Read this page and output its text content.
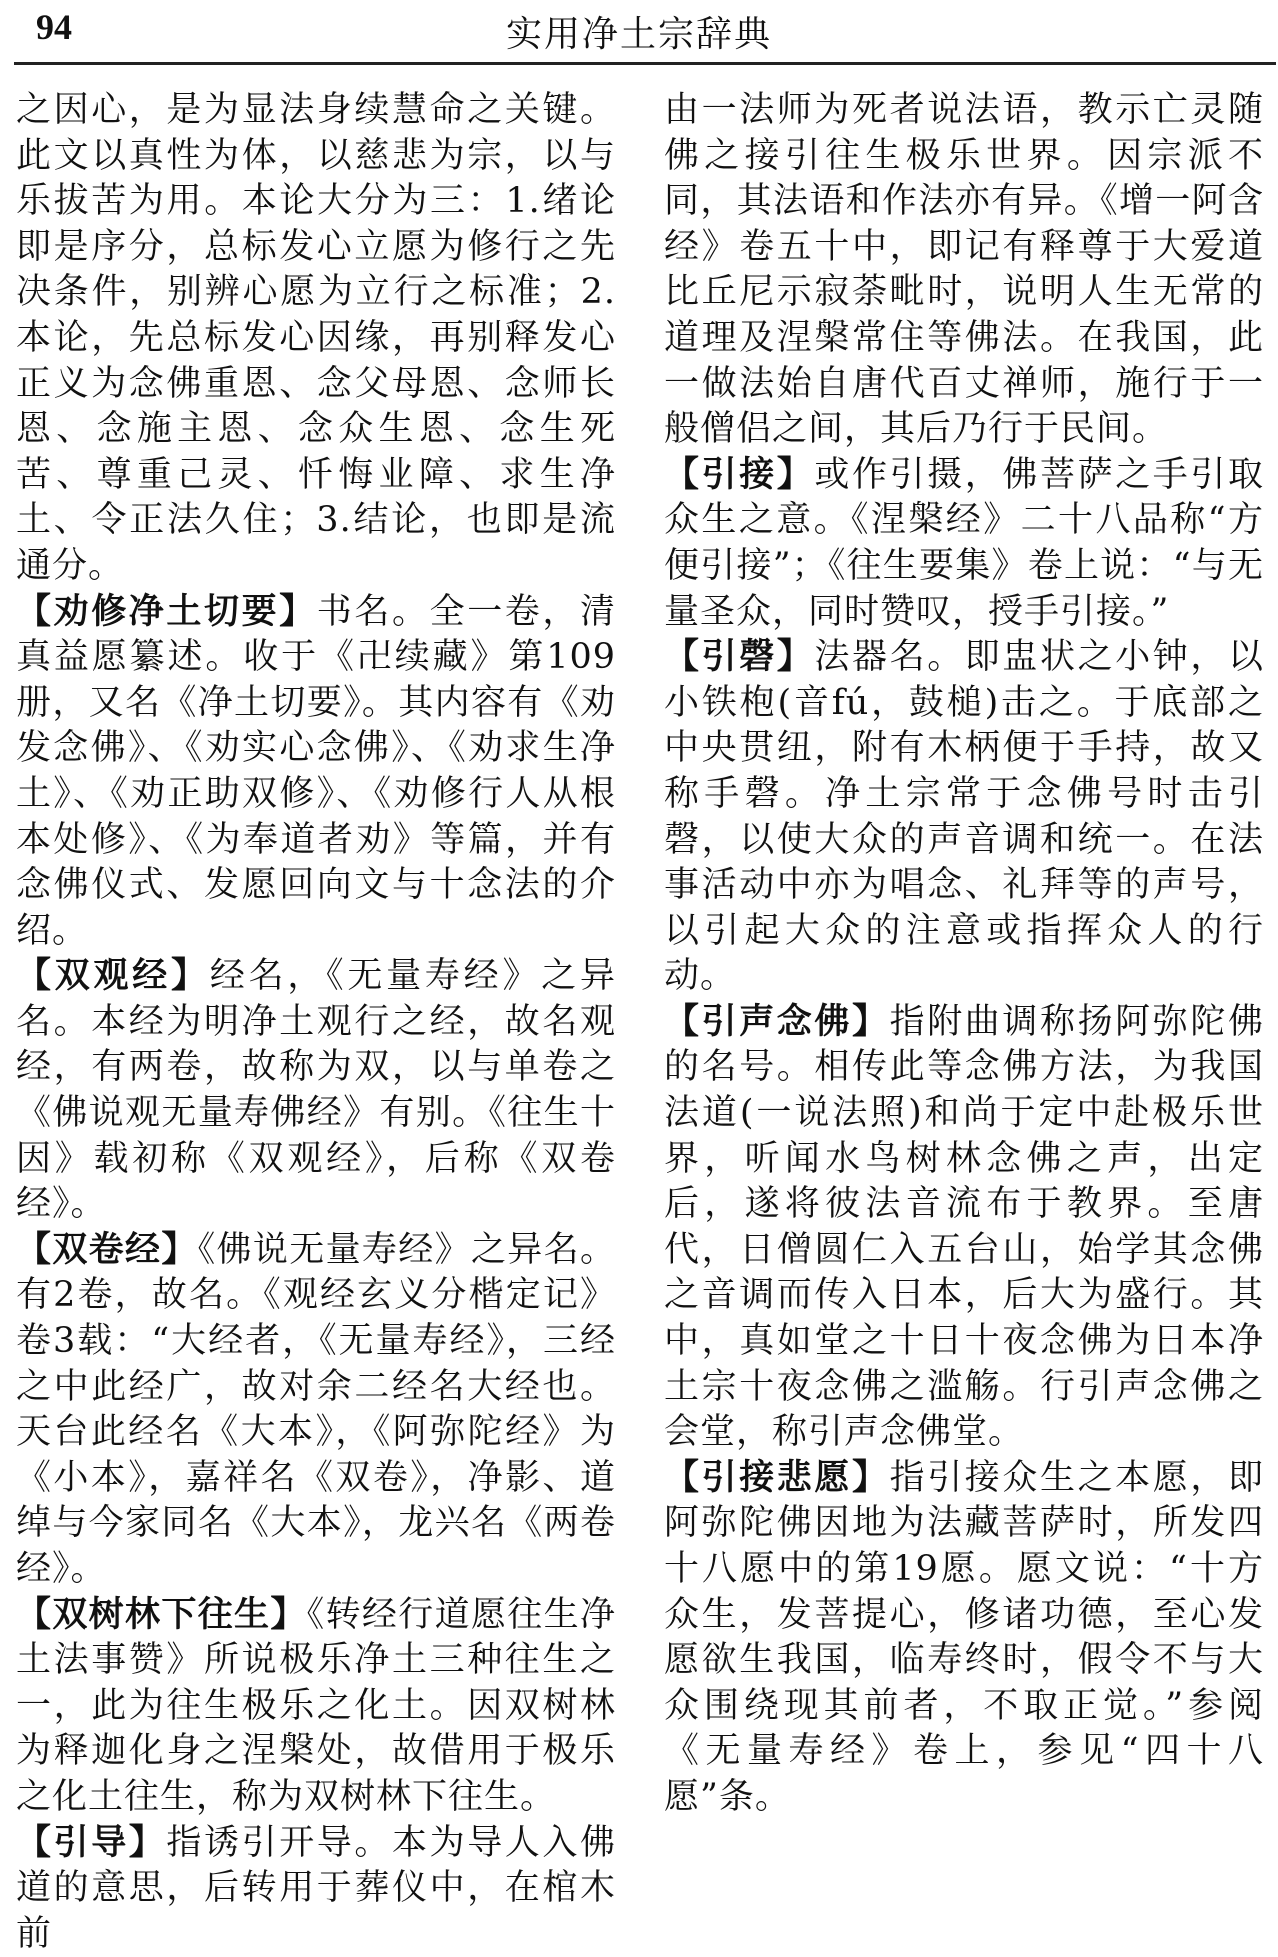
94	实用净土宗辞典

之因心，是为显法身续慧命之关键。此文以真性为体，以慈悲为宗，以与乐拔苦为用。本论大分为三：1.绪论即是序分，总标发心立愿为修行之先决条件，别辨心愿为立行之标准；2.本论，先总标发心因缘，再别释发心正义为念佛重恩、念父母恩、念师长恩、念施主恩、念众生恩、念生死苦、尊重己灵、忏悔业障、求生净土、令正法久住；3.结论，也即是流通分。

【劝修净土切要】书名。全一卷，清真益愿纂述。收于《卍续藏》第109册，又名《净土切要》。其内容有《劝发念佛》、《劝实心念佛》、《劝求生净土》、《劝正助双修》、《劝修行人从根本处修》、《为奉道者劝》等篇，并有念佛仪式、发愿回向文与十念法的介绍。

【双观经】经名，《无量寿经》之异名。本经为明净土观行之经，故名观经，有两卷，故称为双，以与单卷之《佛说观无量寿佛经》有别。《往生十因》载初称《双观经》，后称《双卷经》。

【双卷经】《佛说无量寿经》之异名。有2卷，故名。《观经玄义分楷定记》卷3载：“大经者，《无量寿经》，三经之中此经广，故对余二经名大经也。天台此经名《大本》，《阿弥陀经》为《小本》，嘉祥名《双卷》，净影、道绰与今家同名《大本》，龙兴名《两卷经》。

【双树林下往生】《转经行道愿往生净土法事赞》所说极乐净土三种往生之一，此为往生极乐之化土。因双树林为释迦化身之涅槃处，故借用于极乐之化土往生，称为双树林下往生。

【引导】指诱引开导。本为导人入佛道的意思，后转用于葬仪中，在棺木前

由一法师为死者说法语，教示亡灵随佛之接引往生极乐世界。因宗派不同，其法语和作法亦有异。《增一阿含经》卷五十中，即记有释尊于大爱道比丘尼示寂荼毗时，说明人生无常的道理及涅槃常住等佛法。在我国，此一做法始自唐代百丈禅师，施行于一般僧侣之间，其后乃行于民间。

【引接】或作引摄，佛菩萨之手引取众生之意。《涅槃经》二十八品称“方便引接”；《往生要集》卷上说：“与无量圣众，同时赞叹，授手引接。”

【引磬】法器名。即盅状之小钟，以小铁枹(音fú，鼓槌)击之。于底部之中央贯纽，附有木柄便于手持，故又称手磬。净土宗常于念佛号时击引磬，以使大众的声音调和统一。在法事活动中亦为唱念、礼拜等的声号，以引起大众的注意或指挥众人的行动。

【引声念佛】指附曲调称扬阿弥陀佛的名号。相传此等念佛方法，为我国法道(一说法照)和尚于定中赴极乐世界，听闻水鸟树林念佛之声，出定后，遂将彼法音流布于教界。至唐代，日僧圆仁入五台山，始学其念佛之音调而传入日本，后大为盛行。其中，真如堂之十日十夜念佛为日本净土宗十夜念佛之滥觞。行引声念佛之会堂，称引声念佛堂。

【引接悲愿】指引接众生之本愿，即阿弥陀佛因地为法藏菩萨时，所发四十八愿中的第19愿。愿文说：“十方众生，发菩提心，修诸功德，至心发愿欲生我国，临寿终时，假令不与大众围绕现其前者，不取正觉。”参阅《无量寿经》卷上，参见“四十八愿”条。
